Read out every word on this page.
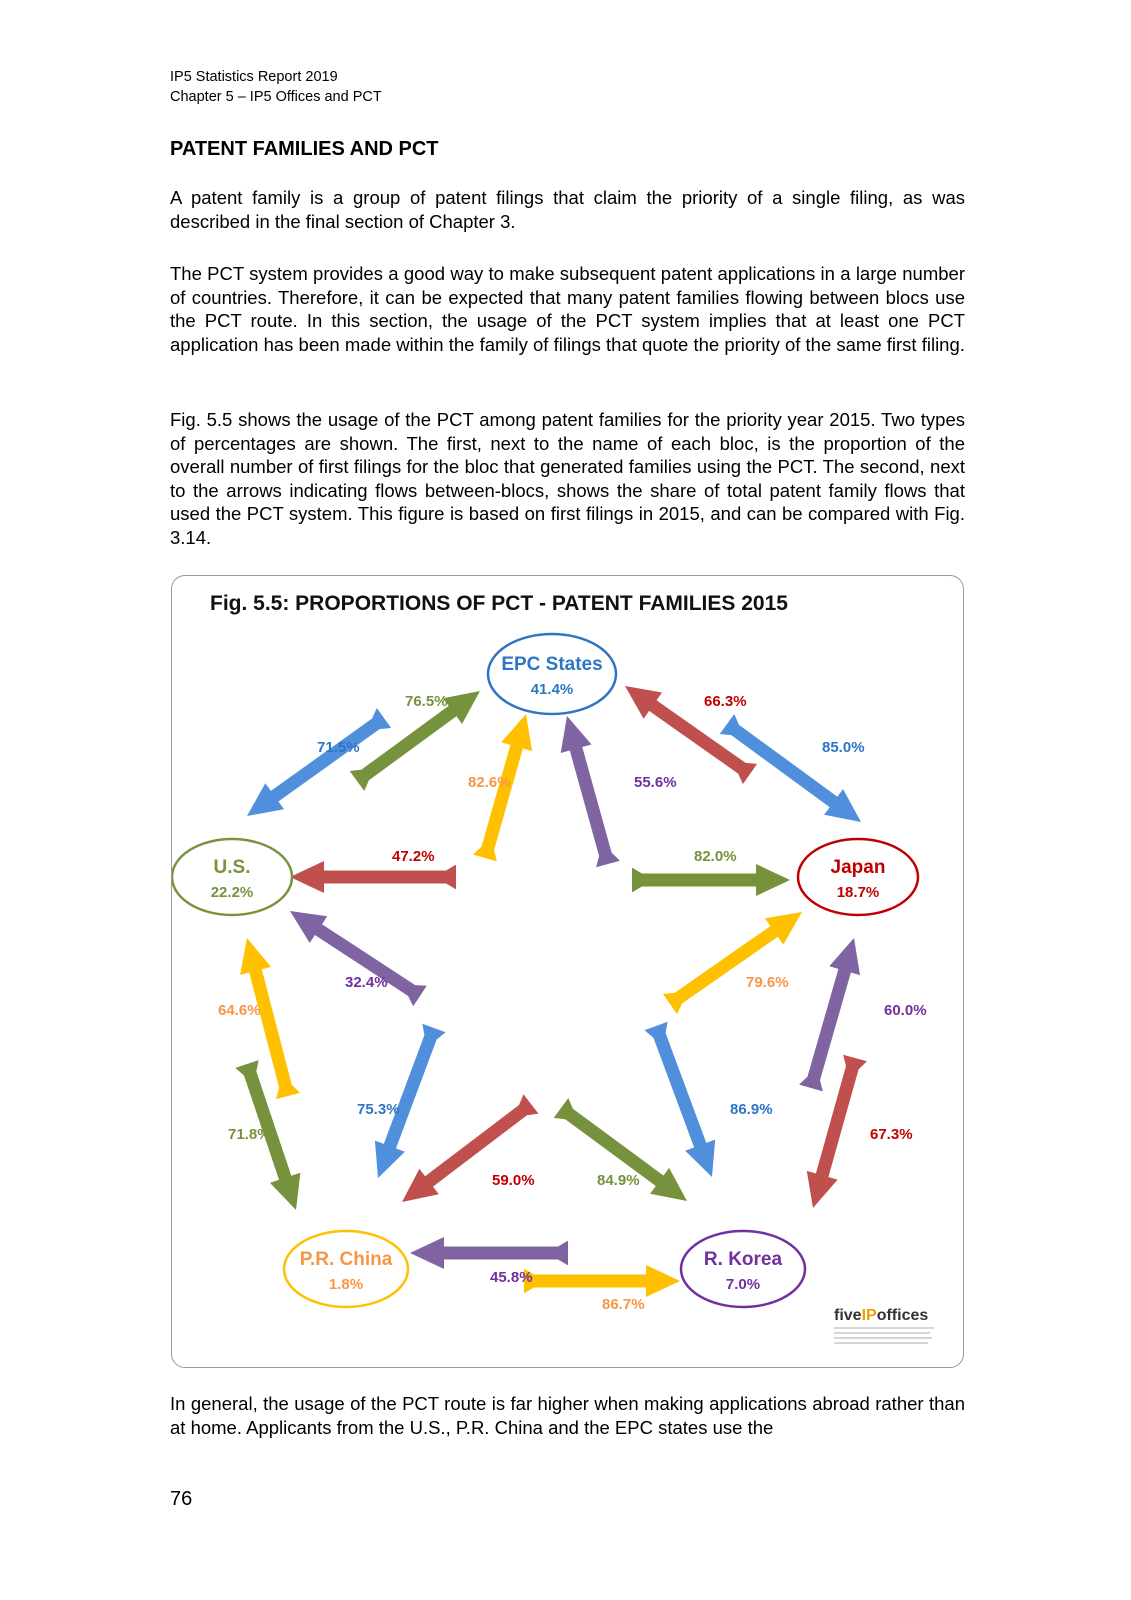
IP5 Statistics Report 2019
Chapter 5 – IP5 Offices and PCT
PATENT FAMILIES AND PCT

A patent family is a group of patent filings that claim the priority of a single filing, as was described in the final section of Chapter 3.

The PCT system provides a good way to make subsequent patent applications in a large number of countries. Therefore, it can be expected that many patent families flowing between blocs use the PCT route. In this section, the usage of the PCT system implies that at least one PCT application has been made within the family of filings that quote the priority of the same first filing.

Fig. 5.5 shows the usage of the PCT among patent families for the priority year 2015. Two types of percentages are shown. The first, next to the name of each bloc, is the proportion of the overall number of first filings for the bloc that generated families using the PCT. The second, next to the arrows indicating flows between-blocs, shows the share of total patent family flows that used the PCT system. This figure is based on first filings in 2015, and can be compared with Fig. 3.14.

Fig. 5.5: PROPORTIONS OF PCT - PATENT FAMILIES 2015
76.5%
71.5%
66.3%
85.0%
82.6%	55.6%
47.2%	82.0%
32.4%	79.6%
64.6%
71.8%
60.0%
67.3%
75.3%	86.9%
59.0%	84.9%
45.8%
86.7%
EPC States
41.4%
U.S.
22.2%
Japan
18.7%
P.R. China
1.8%
R. Korea
7.0%
fiveIPoffices

In general, the usage of the PCT route is far higher when making applications abroad rather than at home. Applicants from the U.S., P.R. China and the EPC states use the

76
